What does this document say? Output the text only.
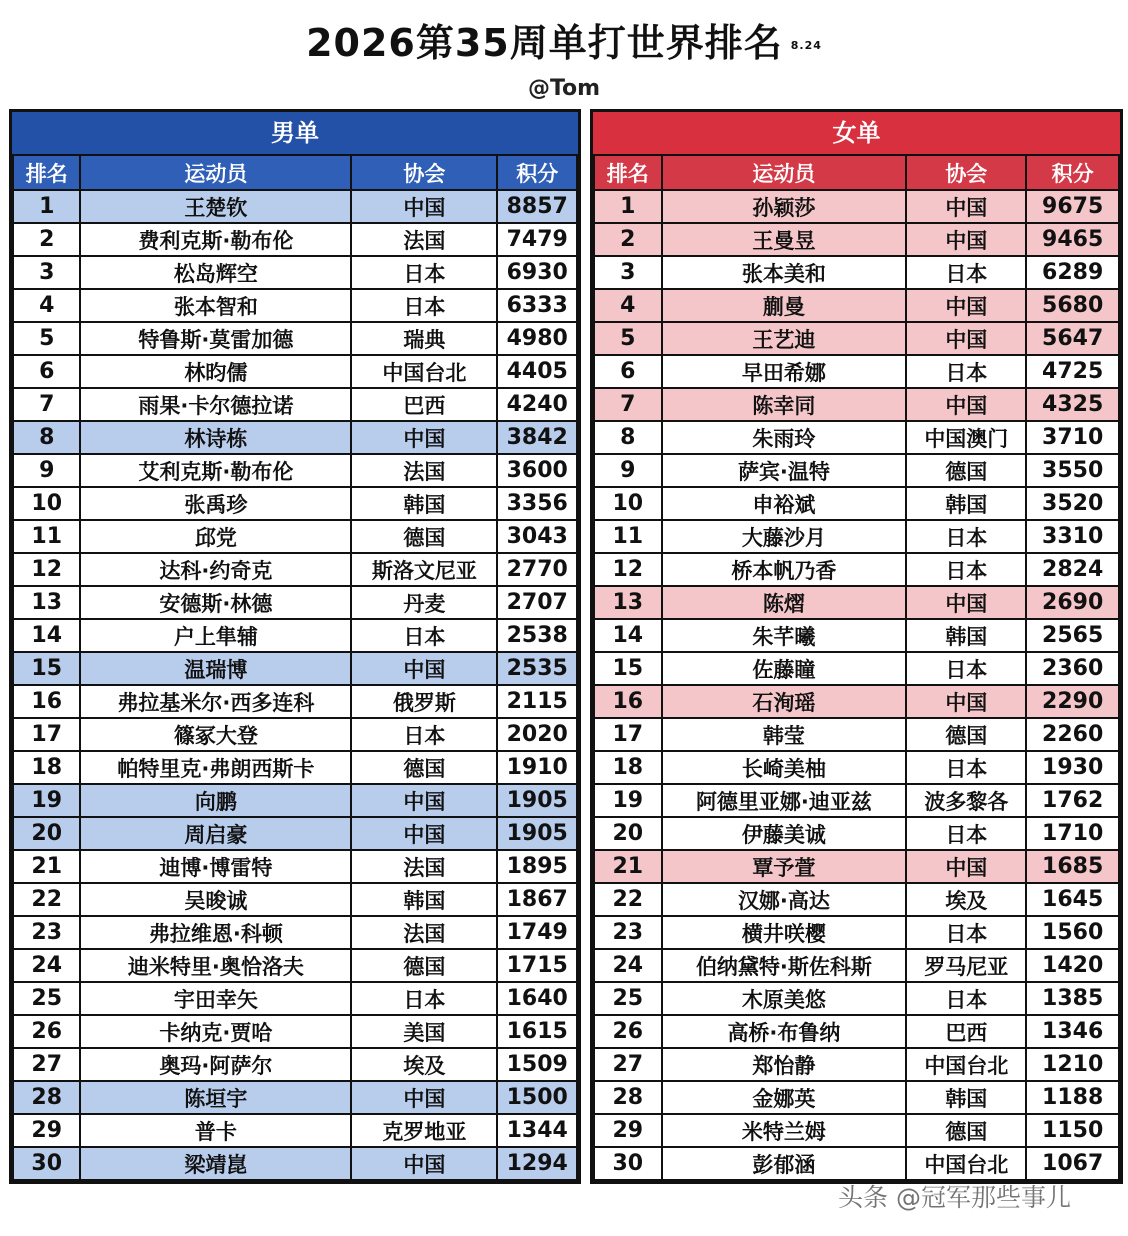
2026第35周单打世界排名 8.24
@Tom
男单
排名	运动员	协会	积分
1	王楚钦	中国	8857
2	费利克斯·勒布伦	法国	7479
3	松岛辉空	日本	6930
4	张本智和	日本	6333
5	特鲁斯·莫雷加德	瑞典	4980
6	林昀儒	中国台北	4405
7	雨果·卡尔德拉诺	巴西	4240
8	林诗栋	中国	3842
9	艾利克斯·勒布伦	法国	3600
10	张禹珍	韩国	3356
11	邱党	德国	3043
12	达科·约奇克	斯洛文尼亚	2770
13	安德斯·林德	丹麦	2707
14	户上隼辅	日本	2538
15	温瑞博	中国	2535
16	弗拉基米尔·西多连科	俄罗斯	2115
17	篠冢大登	日本	2020
18	帕特里克·弗朗西斯卡	德国	1910
19	向鹏	中国	1905
20	周启豪	中国	1905
21	迪博·博雷特	法国	1895
22	吴晙诚	韩国	1867
23	弗拉维恩·科顿	法国	1749
24	迪米特里·奥恰洛夫	德国	1715
25	宇田幸矢	日本	1640
26	卡纳克·贾哈	美国	1615
27	奥玛·阿萨尔	埃及	1509
28	陈垣宇	中国	1500
29	普卡	克罗地亚	1344
30	梁靖崑	中国	1294
女单
排名	运动员	协会	积分
1	孙颖莎	中国	9675
2	王曼昱	中国	9465
3	张本美和	日本	6289
4	蒯曼	中国	5680
5	王艺迪	中国	5647
6	早田希娜	日本	4725
7	陈幸同	中国	4325
8	朱雨玲	中国澳门	3710
9	萨宾·温特	德国	3550
10	申裕斌	韩国	3520
11	大藤沙月	日本	3310
12	桥本帆乃香	日本	2824
13	陈熠	中国	2690
14	朱芊曦	韩国	2565
15	佐藤瞳	日本	2360
16	石洵瑶	中国	2290
17	韩莹	德国	2260
18	长崎美柚	日本	1930
19	阿德里亚娜·迪亚兹	波多黎各	1762
20	伊藤美诚	日本	1710
21	覃予萱	中国	1685
22	汉娜·高达	埃及	1645
23	横井咲樱	日本	1560
24	伯纳黛特·斯佐科斯	罗马尼亚	1420
25	木原美悠	日本	1385
26	高桥·布鲁纳	巴西	1346
27	郑怡静	中国台北	1210
28	金娜英	韩国	1188
29	米特兰姆	德国	1150
30	彭郁涵	中国台北	1067
头条 @冠军那些事儿
